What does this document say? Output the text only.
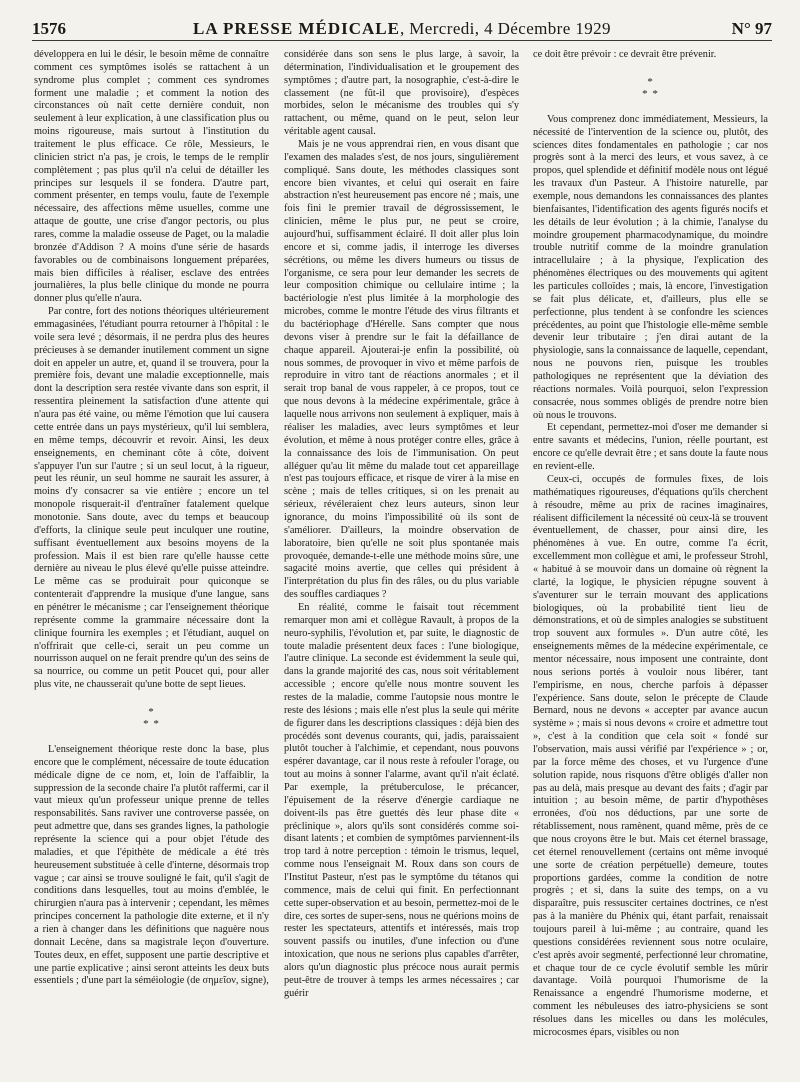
1576	LA PRESSE MÉDICALE, Mercredi, 4 Décembre 1929	N° 97

développera en lui le désir, le besoin même de connaître comment ces symptômes isolés se rattachent à un syndrome plus complet ; comment ces syndromes forment une maladie ; et comment la notion des circonstances où naît cette dernière conduit, non seulement à leur explication, à une classification plus ou moins rigoureuse, mais surtout à l'institution du traitement le plus efficace. Ce rôle, Messieurs, le clinicien strict n'a pas, je crois, le temps de le remplir complètement ; pas plus qu'il n'a celui de détailler les principes sur lesquels il se fondera. D'autre part, comment présenter, en temps voulu, faute de l'exemple nécessaire, des affections même usuelles, comme une attaque de goutte, une crise d'angor pectoris, ou plus rares, comme la maladie osseuse de Paget, ou la maladie bronzée d'Addison ? A moins d'une série de hasards favorables ou de combinaisons longuement préparées, mais bien difficiles à réaliser, esclave des entrées journalières, la plus belle clinique du monde ne pourra donner plus qu'elle n'aura.

Par contre, fort des notions théoriques ultérieurement emmagasinées, l'étudiant pourra retourner à l'hôpital : le voile sera levé ; désormais, il ne perdra plus des heures précieuses à se demander inutilement comment un signe doit en appeler un autre, et, quand il se trouvera, pour la première fois, devant une maladie exceptionnelle, mais dont la description sera restée vivante dans son esprit, il ressentira pleinement la satisfaction d'une attente qui n'aura pas été vaine, ou même l'émotion que lui causera cette entrée dans un pays mystérieux, qu'il lui semblera, en même temps, découvrir et revoir. Ainsi, les deux enseignements, en cheminant côte à côte, doivent s'appuyer l'un sur l'autre ; si un seul locut, à la rigueur, peut les réunir, un seul homme ne saurait les assurer, à moins d'y consacrer sa vie entière ; encore un tel monopole risquerait-il d'entraîner fatalement quelque monotonie. Sans doute, avec du temps et beaucoup d'efforts, la clinique seule peut inculquer une routine, suffisant éventuellement aux besoins moyens de la profession. Mais il est bien rare qu'elle hausse cette dernière au niveau le plus élevé qu'elle puisse atteindre. Le même cas se produirait pour quiconque se contenterait d'apprendre la musique d'une langue, sans en pénétrer le mécanisme ; car l'enseignement théorique représente comme la grammaire nécessaire dont la clinique fournira les exemples ; et l'étudiant, auquel on n'offrirait que celle-ci, serait un peu comme un nourrisson auquel on ne ferait prendre qu'un des seins de sa nourrice, ou comme un petit Poucet qui, pour aller plus vite, ne chausserait qu'une botte de sept lieues.

*
* *

L'enseignement théorique reste donc la base, plus encore que le complément, nécessaire de toute éducation médicale digne de ce nom, et, loin de l'affaiblir, la suppression de la seconde chaire l'a plutôt raffermi, car il vaut mieux qu'un professeur unique prenne de telles responsabilités. Sans raviver une controverse passée, on peut admettre que, dans ses grandes lignes, la pathologie représente la science qui a pour objet l'étude des maladies, et que l'épithète de médicale a été très heureusement substituée à celle d'interne, désormais trop vague ; car ainsi se trouve souligné le fait, qu'il s'agit de conditions dans lesquelles, tout au moins d'emblée, le chirurgien n'aura pas à intervenir ; cependant, les mêmes principes concernent la pathologie dite externe, et il n'y a rien à changer dans les définitions que naguère nous donnait Lecène, dans sa magistrale leçon d'ouverture. Toutes deux, en effet, supposent une partie descriptive et une partie explicative ; ainsi seront atteints les deux buts essentiels ; d'une part la séméiologie (de σημεῖον, signe),

considérée dans son sens le plus large, à savoir, la détermination, l'individualisation et le groupement des symptômes ; d'autre part, la nosographie, c'est-à-dire le classement (ne fût-il que provisoire), d'espèces morbides, selon le mécanisme des troubles qui s'y rattachent, ou même, quand on le peut, selon leur véritable agent causal.

Mais je ne vous apprendrai rien, en vous disant que l'examen des malades s'est, de nos jours, singulièrement compliqué. Sans doute, les méthodes classiques sont encore bien vivantes, et celui qui oserait en faire abstraction n'est heureusement pas encore né ; mais, une fois fini le premier travail de dégrossissement, le clinicien, même le plus pur, ne peut se croire, aujourd'hui, suffisamment éclairé. Il doit aller plus loin encore et si, comme jadis, il interroge les diverses sécrétions, ou même les divers humeurs ou tissus de l'organisme, ce sera pour leur demander les secrets de leur composition chimique ou cellulaire intime ; la bactériologie n'est plus limitée à la morphologie des microbes, comme le montre l'étude des virus filtrants et du bactériophage d'Hérelle. Sans compter que nous devons viser à prendre sur le fait la défaillance de chaque appareil. Ajouterai-je enfin la possibilité, où nous sommes, de provoquer in vivo et même parfois de reproduire in vitro tant de réactions anormales ; et il serait trop banal de vous rappeler, à ce propos, tout ce que nous devons à la médecine expérimentale, grâce à laquelle nous arrivons non seulement à expliquer, mais à réaliser les maladies, avec leurs symptômes et leur évolution, et même à nous protéger contre elles, grâce à la connaissance des lois de l'immunisation. On peut alléguer qu'au lit même du malade tout cet appareillage n'est pas toujours efficace, et risque de virer à la mise en scène ; mais de telles critiques, si on les prenait au sérieux, révéleraient chez leurs auteurs, sinon leur ignorance, du moins l'impossibilité où ils sont de s'améliorer. D'ailleurs, la moindre observation de laboratoire, bien qu'elle ne soit plus spontanée mais provoquée, demande-t-elle une méthode moins sûre, une sagacité moins avertie, que celles qui président à l'interprétation du plus fin des râles, ou du plus variable des souffles cardiaques ?

En réalité, comme le faisait tout récemment remarquer mon ami et collègue Ravault, à propos de la neuro-syphilis, l'évolution et, par suite, le diagnostic de toute maladie présentent deux faces : l'une biologique, l'autre clinique. La seconde est évidemment la seule qui, dans la grande majorité des cas, nous soit véritablement accessible ; encore qu'elle nous montre souvent les restes de la maladie, comme l'autopsie nous montre le reste des lésions ; mais elle n'est plus la seule qui mérite de figurer dans les descriptions classiques : déjà bien des procédés sont devenus courants, qui, jadis, paraissaient plutôt toucher à l'alchimie, et cependant, nous pouvons espérer davantage, car il nous reste à refouler l'orage, ou tout au moins à sonner l'alarme, avant qu'il n'ait éclaté. Par exemple, la prétuberculose, le précancer, l'épuisement de la réserve d'énergie cardiaque ne doivent-ils pas être guettés dès leur phase dite « préclinique », alors qu'ils sont considérés comme soi-disant latents ; et combien de symptômes parviennent-ils trop tard à notre perception : témoin le trismus, lequel, comme nous l'enseignait M. Roux dans son cours de l'Institut Pasteur, n'est pas le symptôme du tétanos qui commence, mais de celui qui finit. En perfectionnant cette super-observation et au besoin, permettez-moi de le dire, ces sortes de super-sens, nous ne quérions moins de rester les spectateurs, attentifs et intéressés, mais trop souvent passifs ou inutiles, d'une infection ou d'une intoxication, que nous ne serions plus capables d'arrêter, alors qu'un diagnostic plus précoce nous aurait permis peut-être de trouver à temps les armes nécessaires ; car guérir

ce doit être prévoir : ce devrait être prévenir.

*
* *

Vous comprenez donc immédiatement, Messieurs, la nécessité de l'intervention de la science ou, plutôt, des sciences dites fondamentales en pathologie ; car nos progrès sont à la merci des leurs, et vous savez, à ce propos, quel splendide et définitif modèle nous ont légué les travaux d'un Pasteur. A l'histoire naturelle, par exemple, nous demandons les connaissances des plantes bienfaisantes, l'identification des agents figurés nocifs et les détails de leur évolution ; à la chimie, l'analyse du moindre groupement pharmacodynamique, du moindre trouble nutritif comme de la moindre granulation intracellulaire ; à la physique, l'explication des phénomènes électriques ou des mouvements qui agitent les particules colloïdes ; mais, là encore, l'investigation se fait plus délicate, et, d'ailleurs, plus elle se perfectionne, plus tendent à se confondre les sciences précédentes, au point que l'histologie elle-même semble devenir leur tributaire ; j'en dirai autant de la physiologie, sans la connaissance de laquelle, cependant, nous ne pouvons rien, puisque les troubles pathologiques ne représentent que la déviation des réactions normales. Voilà pourquoi, selon l'expression consacrée, nous sommes obligés de prendre notre bien où nous le trouvons.

Et cependant, permettez-moi d'oser me demander si entre savants et médecins, l'union, réelle pourtant, est encore ce qu'elle devrait être ; et sans doute la faute nous en revient-elle.

Ceux-ci, occupés de formules fixes, de lois mathématiques rigoureuses, d'équations qu'ils cherchent à résoudre, même au prix de racines imaginaires, réalisent difficilement la nécessité où ceux-là se trouvent éventuellement, de chasser, pour ainsi dire, les phénomènes à vue. En outre, comme l'a écrit, excellemment mon collègue et ami, le professeur Strohl, « habitué à se mouvoir dans un domaine où règnent la clarté, la logique, le physicien répugne souvent à s'aventurer sur le terrain mouvant des applications biologiques, où la probabilité tient lieu de démonstrations, et où de simples analogies se substituent trop souvent aux formules ». D'un autre côté, les enseignements mêmes de la médecine expérimentale, ce mentor nécessaire, nous imposent une contrainte, dont nous serions portés à vouloir nous libérer, tant l'empirisme, en nous, cherche parfois à dépasser l'expérience. Sans doute, selon le précepte de Claude Bernard, nous ne devons « accepter par avance aucun système » ; mais si nous devons « croire et admettre tout », c'est à la condition que cela soit « fondé sur l'observation, mais aussi vérifié par l'expérience » ; or, par la force même des choses, et vu l'urgence d'une solution rapide, nous risquons d'être obligés d'aller non pas au delà, mais presque au devant des faits ; d'agir par intuition ; au besoin même, de partir d'hypothèses erronées, d'où nos déductions, par une sorte de rétablissement, nous ramènent, quand même, près de ce que nous croyons être le but. Mais cet éternel brassage, cet éternel renouvellement (certains ont même invoqué une sorte de création perpétuelle) demeure, toutes proportions gardées, comme la condition de notre progrès ; et si, dans la suite des temps, on a vu disparaître, puis ressusciter certaines doctrines, ce n'est pas à la manière du Phénix qui, étant parfait, renaissait toujours pareil à lui-même ; au contraire, quand les questions considérées reviennent sous notre oculaire, c'est après avoir segmenté, perfectionné leur chromatine, et chaque tour de ce cycle évolutif semble les mûrir davantage. Voilà pourquoi l'humorisme de la Renaissance a engendré l'humorisme moderne, et comment les nébuleuses des iatro-physiciens se sont résolues dans les micelles ou dans les molécules, microcosmes épars, visibles ou non
